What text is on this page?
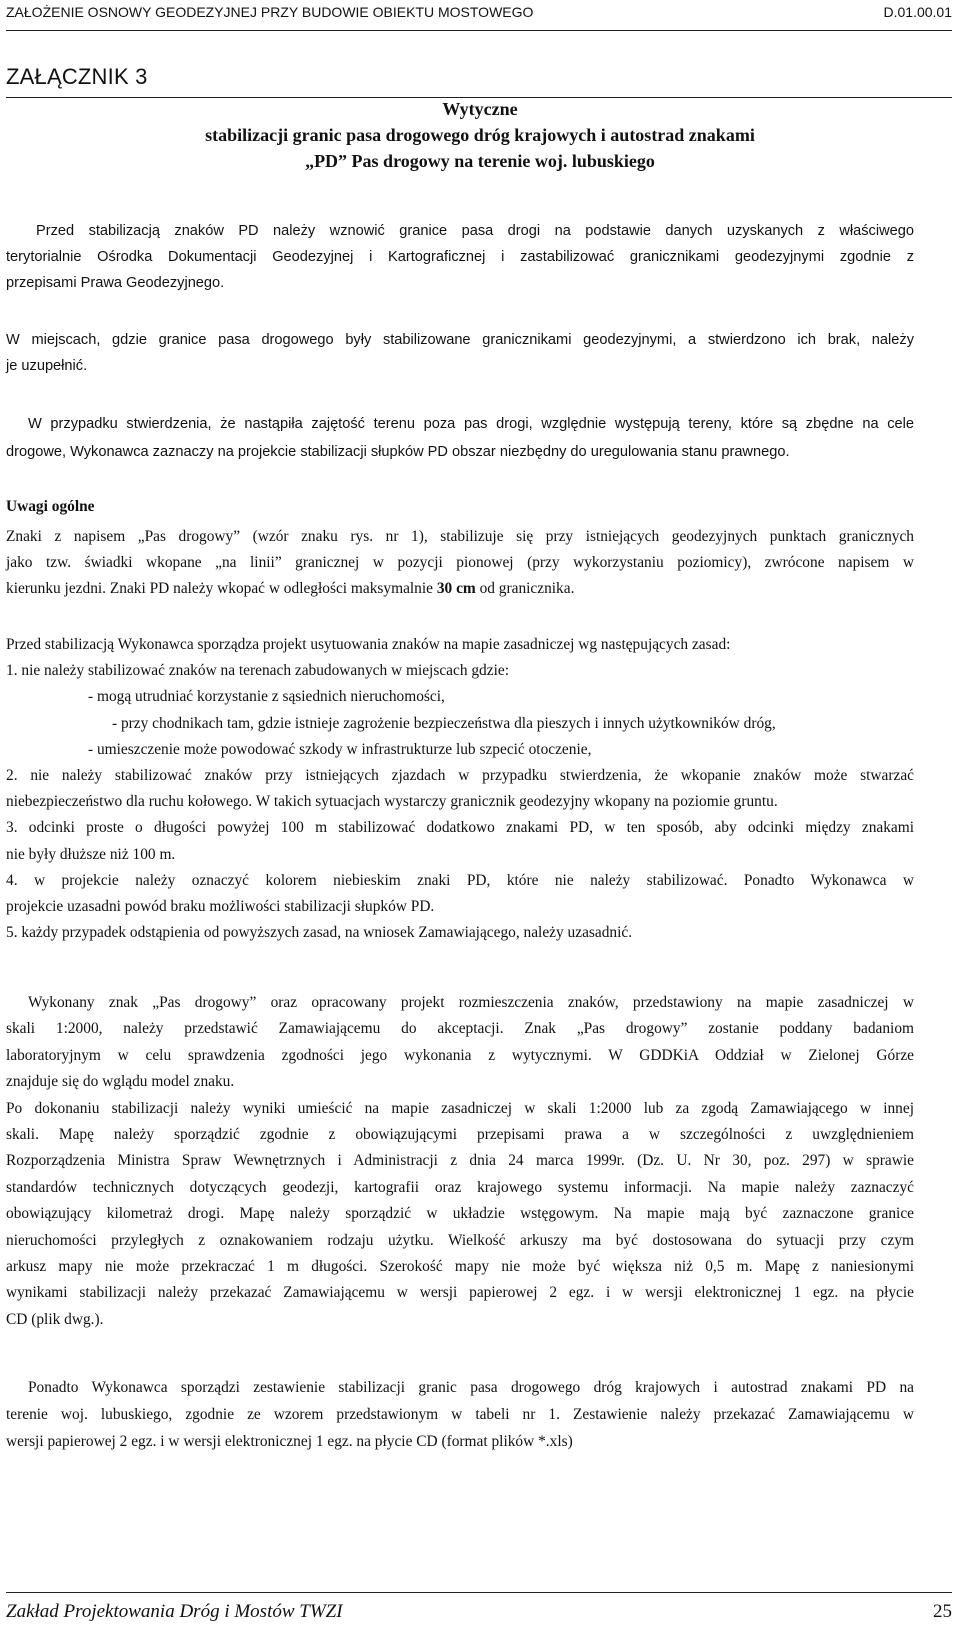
ZAŁOŻENIE OSNOWY GEODEZYJNEJ PRZY BUDOWIE OBIEKTU MOSTOWEGO	D.01.00.01
ZAŁĄCZNIK 3
Wytyczne
stabilizacji granic pasa drogowego dróg krajowych i autostrad znakami
„PD” Pas drogowy na terenie woj. lubuskiego
Przed stabilizacją znaków PD należy wznowić granice pasa drogi na podstawie danych uzyskanych z właściwego
terytorialnie Ośrodka Dokumentacji Geodezyjnej i Kartograficznej i zastabilizować granicznikami geodezyjnymi zgodnie z
przepisami Prawa Geodezyjnego.
W miejscach, gdzie granice pasa drogowego były stabilizowane granicznikami geodezyjnymi, a stwierdzono ich brak, należy
je uzupełnić.
W przypadku stwierdzenia, że nastąpiła zajętość terenu poza pas drogi, względnie występują tereny, które są zbędne na cele
drogowe, Wykonawca zaznaczy na projekcie stabilizacji słupków PD obszar niezbędny do uregulowania stanu prawnego.
Uwagi ogólne
Znaki z napisem „Pas drogowy” (wzór znaku rys. nr 1), stabilizuje się przy istniejących geodezyjnych punktach granicznych
jako tzw. świadki wkopane „na linii” granicznej w pozycji pionowej (przy wykorzystaniu poziomicy), zwrócone napisem w
kierunku jezdni. Znaki PD należy wkopać w odległości maksymalnie 30 cm od granicznika.
Przed stabilizacją Wykonawca sporządza projekt usytuowania znaków na mapie zasadniczej wg następujących zasad:
1. nie należy stabilizować znaków na terenach zabudowanych w miejscach gdzie:
- mogą utrudniać korzystanie z sąsiednich nieruchomości,
- przy chodnikach tam, gdzie istnieje zagrożenie bezpieczeństwa dla pieszych i innych użytkowników dróg,
- umieszczenie może powodować szkody w infrastrukturze lub szpecić otoczenie,
2. nie należy stabilizować znaków przy istniejących zjazdach w przypadku stwierdzenia, że wkopanie znaków może stwarzać
niebezpieczeństwo dla ruchu kołowego. W takich sytuacjach wystarczy granicznik geodezyjny wkopany na poziomie gruntu.
3. odcinki proste o długości powyżej 100 m stabilizować dodatkowo znakami PD, w ten sposób, aby odcinki między znakami
nie były dłuższe niż 100 m.
4. w projekcie należy oznaczyć kolorem niebieskim znaki PD, które nie należy stabilizować. Ponadto Wykonawca w
projekcie uzasadni powód braku możliwości stabilizacji słupków PD.
5. każdy przypadek odstąpienia od powyższych zasad, na wniosek Zamawiającego, należy uzasadnić.
Wykonany znak „Pas drogowy” oraz opracowany projekt rozmieszczenia znaków, przedstawiony na mapie zasadniczej w
skali 1:2000, należy przedstawić Zamawiającemu do akceptacji. Znak „Pas drogowy” zostanie poddany badaniom
laboratoryjnym w celu sprawdzenia zgodności jego wykonania z wytycznymi. W GDDKiA Oddział w Zielonej Górze
znajduje się do wglądu model znaku.
Po dokonaniu stabilizacji należy wyniki umieścić na mapie zasadniczej w skali 1:2000 lub za zgodą Zamawiającego w innej
skali. Mapę należy sporządzić zgodnie z obowiązującymi przepisami prawa a w szczególności z uwzględnieniem
Rozporządzenia Ministra Spraw Wewnętrznych i Administracji z dnia 24 marca 1999r. (Dz. U. Nr 30, poz. 297) w sprawie
standardów technicznych dotyczących geodezji, kartografii oraz krajowego systemu informacji. Na mapie należy zaznaczyć
obowiązujący kilometraż drogi. Mapę należy sporządzić w układzie wstęgowym. Na mapie mają być zaznaczone granice
nieruchomości przyległych z oznakowaniem rodzaju użytku. Wielkość arkuszy ma być dostosowana do sytuacji przy czym
arkusz mapy nie może przekraczać 1 m długości. Szerokość mapy nie może być większa niż 0,5 m. Mapę z naniesionymi
wynikami stabilizacji należy przekazać Zamawiającemu w wersji papierowej 2 egz. i w wersji elektronicznej 1 egz. na płycie
CD (plik dwg.).
Ponadto Wykonawca sporządzi zestawienie stabilizacji granic pasa drogowego dróg krajowych i autostrad znakami PD na
terenie woj. lubuskiego, zgodnie ze wzorem przedstawionym w tabeli nr 1. Zestawienie należy przekazać Zamawiającemu w
wersji papierowej 2 egz. i w wersji elektronicznej 1 egz. na płycie CD (format plików *.xls)
Zakład Projektowania Dróg i Mostów TWZI	25
